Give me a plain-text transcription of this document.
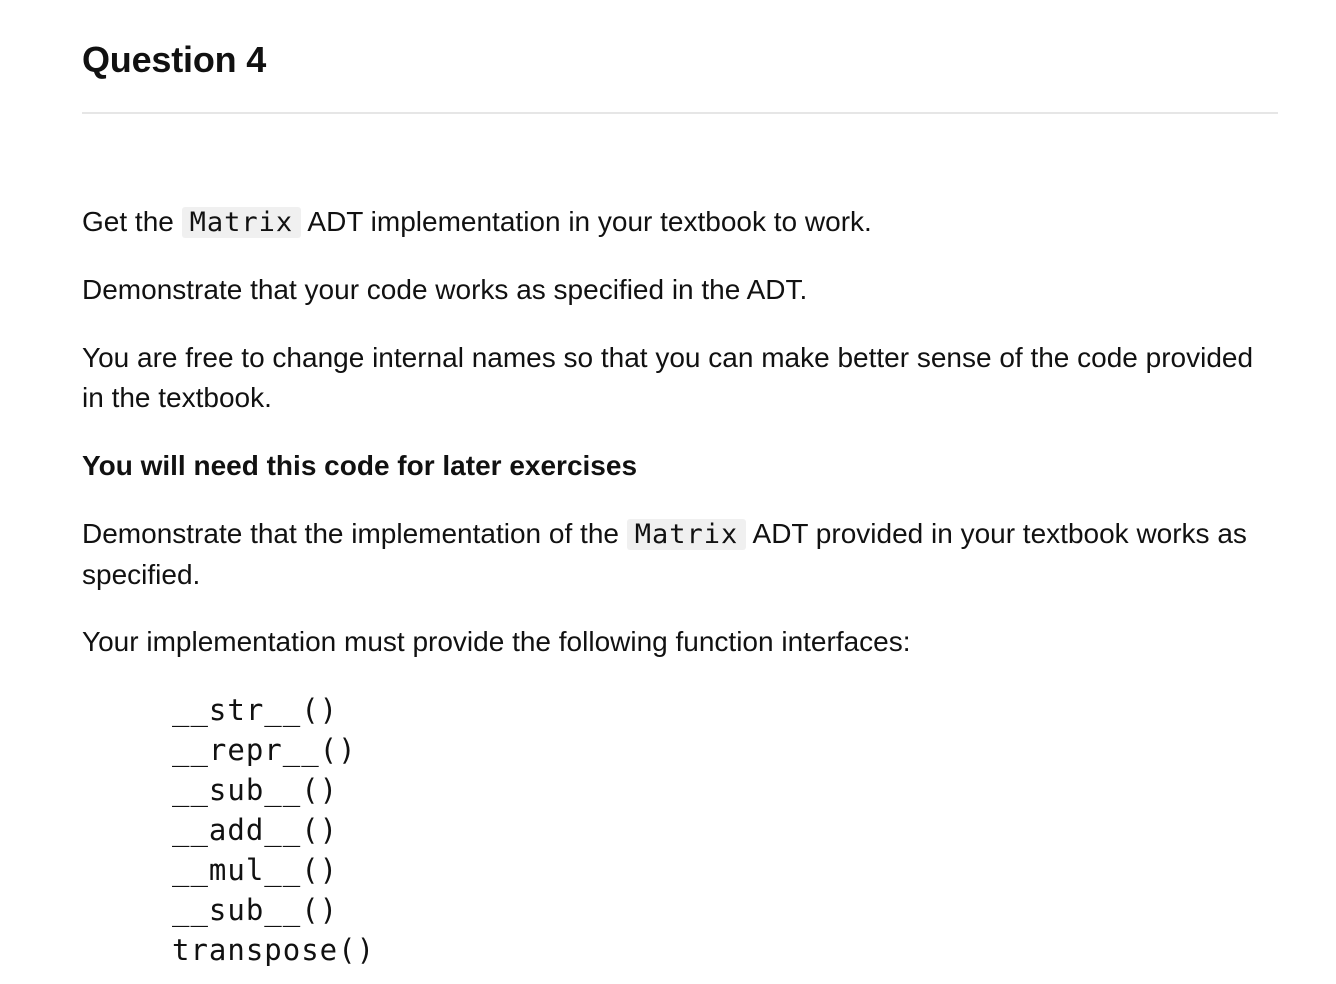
Question 4

Get the Matrix ADT implementation in your textbook to work.

Demonstrate that your code works as specified in the ADT.

You are free to change internal names so that you can make better sense of the code provided in the textbook.

You will need this code for later exercises

Demonstrate that the implementation of the Matrix ADT provided in your textbook works as specified.

Your implementation must provide the following function interfaces:

__str__()
__repr__()
__sub__()
__add__()
__mul__()
__sub__()
transpose()
